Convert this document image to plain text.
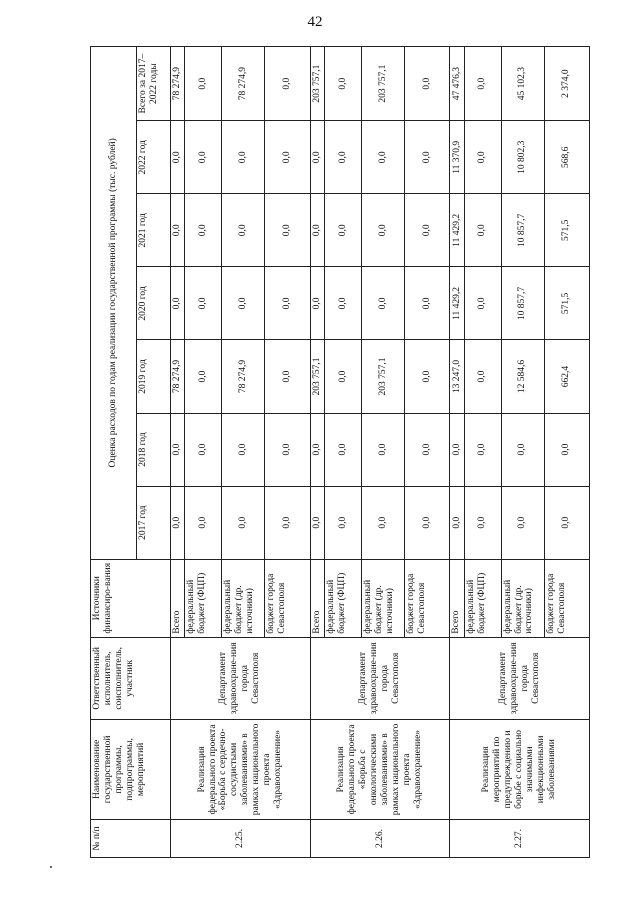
42
№ п/п	Наименование государственной программы, подпрограммы, мероприятий	Ответственный исполнитель, соисполнитель, участник	Источники финансиро-вания	Оценка расходов по годам реализации государственной программы (тыс. рублей)						
				2017 год	2018 год	2019 год	2020 год	2021 год	2022 год	Всего за 2017–2022 годы
2.25.	Реализация федерального проекта «Борьба с сердечно-сосудистыми заболеваниями» в рамках национального проекта «Здравоохранение»	Департамент здравоохране-ния города Севастополя	Всего	0,0	0,0	78 274,9	0,0	0,0	0,0	78 274,9
			федеральный бюджет (ФЦП)	0,0	0,0	0,0	0,0	0,0	0,0	0,0
			федеральный бюджет (др. источники)	0,0	0,0	78 274,9	0,0	0,0	0,0	78 274,9
			бюджет города Севастополя	0,0	0,0	0,0	0,0	0,0	0,0	0,0
2.26.	Реализация федерального проекта «Борьба с онкологическими заболеваниями» в рамках национального проекта «Здравоохранение»	Департамент здравоохране-ния города Севастополя	Всего	0,0	0,0	203 757,1	0,0	0,0	0,0	203 757,1
			федеральный бюджет (ФЦП)	0,0	0,0	0,0	0,0	0,0	0,0	0,0
			федеральный бюджет (др. источники)	0,0	0,0	203 757,1	0,0	0,0	0,0	203 757,1
			бюджет города Севастополя	0,0	0,0	0,0	0,0	0,0	0,0	0,0
2.27.	Реализация мероприятий по предупреждению и борьбе с социально значимыми инфекционными заболеваниями	Департамент здравоохране-ния города Севастополя	Всего	0,0	0,0	13 247,0	11 429,2	11 429,2	11 370,9	47 476,3
			федеральный бюджет (ФЦП)	0,0	0,0	0,0	0,0	0,0	0,0	0,0
			федеральный бюджет (др. источники)	0,0	0,0	12 584,6	10 857,7	10 857,7	10 802,3	45 102,3
			бюджет города Севастополя	0,0	0,0	662,4	571,5	571,5	568,6	2 374,0
